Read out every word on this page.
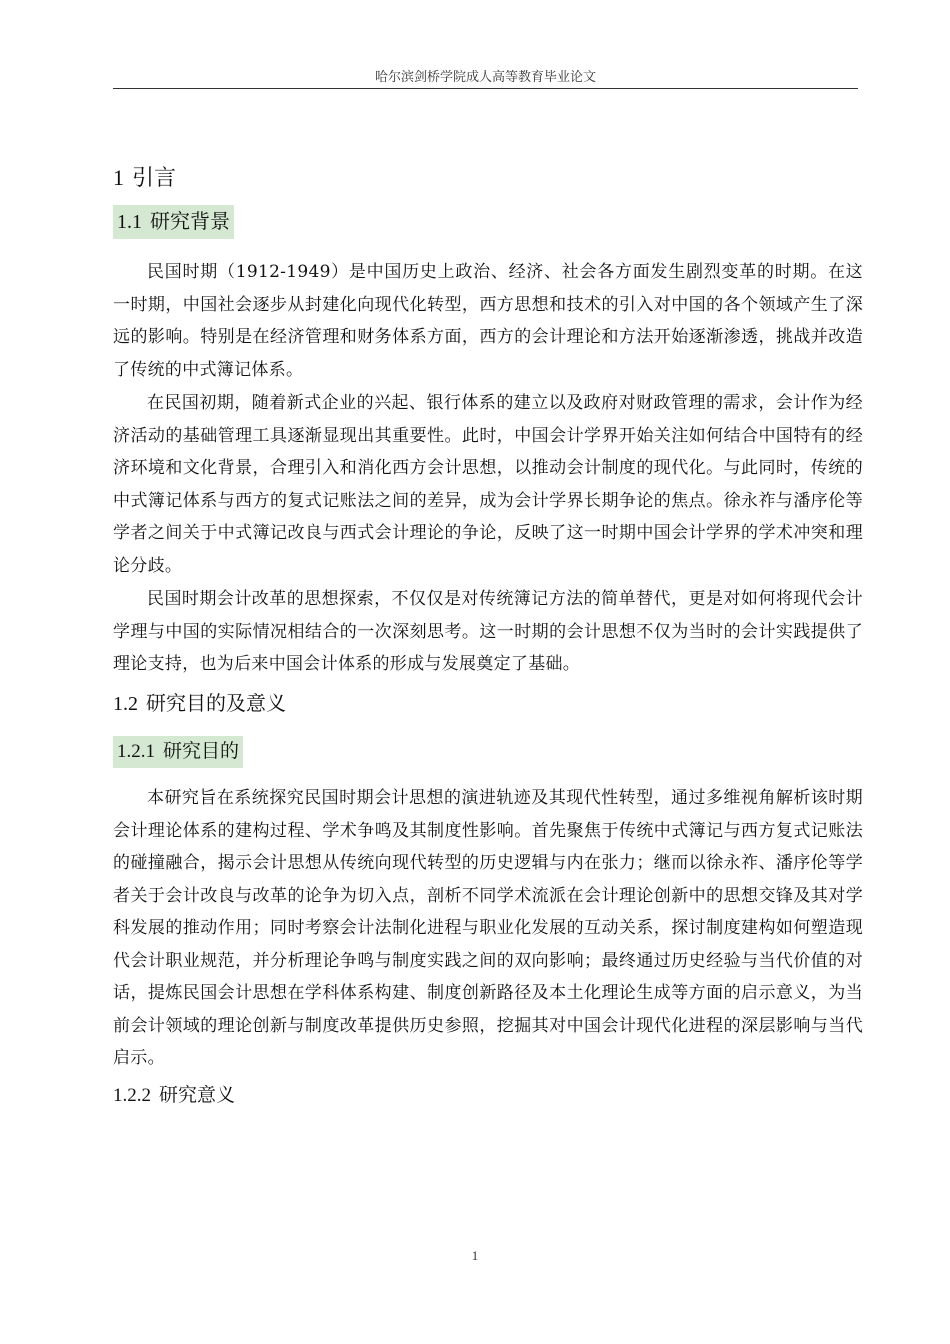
哈尔滨剑桥学院成人高等教育毕业论文
1 引言
1.1 研究背景

民国时期（1912-1949）是中国历史上政治、经济、社会各方面发生剧烈变革的时期。在这一时期，中国社会逐步从封建化向现代化转型，西方思想和技术的引入对中国的各个领域产生了深远的影响。特别是在经济管理和财务体系方面，西方的会计理论和方法开始逐渐渗透，挑战并改造了传统的中式簿记体系。

在民国初期，随着新式企业的兴起、银行体系的建立以及政府对财政管理的需求，会计作为经济活动的基础管理工具逐渐显现出其重要性。此时，中国会计学界开始关注如何结合中国特有的经济环境和文化背景，合理引入和消化西方会计思想，以推动会计制度的现代化。与此同时，传统的中式簿记体系与西方的复式记账法之间的差异，成为会计学界长期争论的焦点。徐永祚与潘序伦等学者之间关于中式簿记改良与西式会计理论的争论，反映了这一时期中国会计学界的学术冲突和理论分歧。

民国时期会计改革的思想探索，不仅仅是对传统簿记方法的简单替代，更是对如何将现代会计学理与中国的实际情况相结合的一次深刻思考。这一时期的会计思想不仅为当时的会计实践提供了理论支持，也为后来中国会计体系的形成与发展奠定了基础。

1.2 研究目的及意义
1.2.1 研究目的

本研究旨在系统探究民国时期会计思想的演进轨迹及其现代性转型，通过多维视角解析该时期会计理论体系的建构过程、学术争鸣及其制度性影响。首先聚焦于传统中式簿记与西方复式记账法的碰撞融合，揭示会计思想从传统向现代转型的历史逻辑与内在张力；继而以徐永祚、潘序伦等学者关于会计改良与改革的论争为切入点，剖析不同学术流派在会计理论创新中的思想交锋及其对学科发展的推动作用；同时考察会计法制化进程与职业化发展的互动关系，探讨制度建构如何塑造现代会计职业规范，并分析理论争鸣与制度实践之间的双向影响；最终通过历史经验与当代价值的对话，提炼民国会计思想在学科体系构建、制度创新路径及本土化理论生成等方面的启示意义，为当前会计领域的理论创新与制度改革提供历史参照，挖掘其对中国会计现代化进程的深层影响与当代启示。

1.2.2 研究意义
1
